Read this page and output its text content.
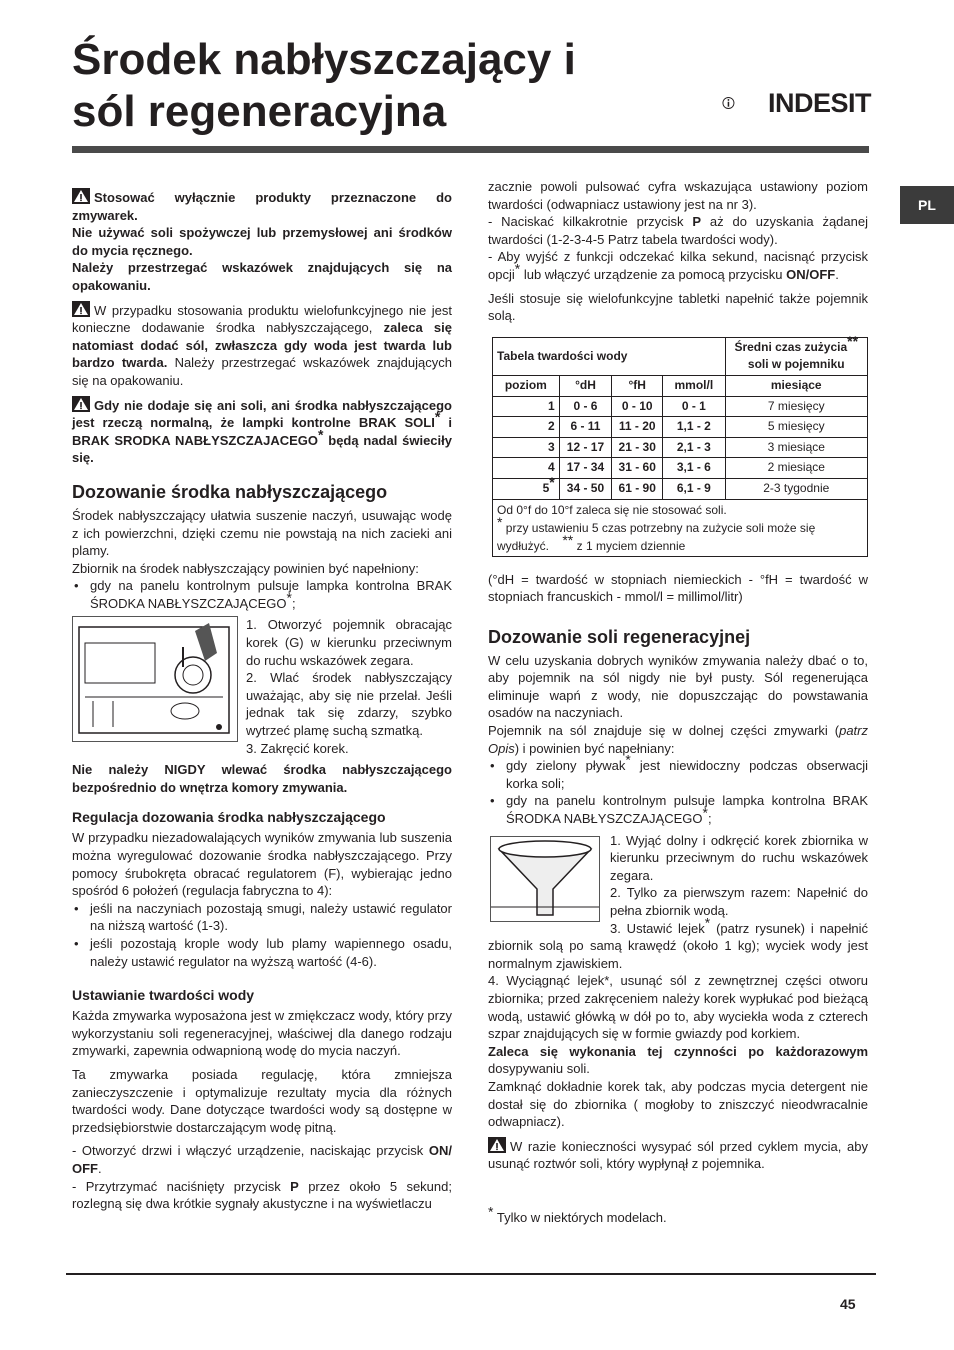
Środek nabłyszczający i
sól regeneracyjna	INDESIT
PL

Stosować wyłącznie produkty przeznaczone do zmywarek.
Nie używać soli spożywczej lub przemysłowej ani środków do mycia ręcznego.
Należy przestrzegać wskazówek znajdujących się na opakowaniu.

W przypadku stosowania produktu wielofunkcyjnego nie jest konieczne dodawanie środka nabłyszczającego, zaleca się natomiast dodać sól, zwłaszcza gdy woda jest twarda lub bardzo twarda. Należy przestrzegać wskazówek znajdujących się na opakowaniu.

Gdy nie dodaje się ani soli, ani środka nabłyszczającego jest rzeczą normalną, że lampki kontrolne BRAK SOLI* i BRAK SRODKA NABŁYSZCZAJACEGO* będą nadal świeciły się.

Dozowanie środka nabłyszczającego

Środek nabłyszczający ułatwia suszenie naczyń, usuwając wodę z ich powierzchni, dzięki czemu nie powstają na nich zacieki ani plamy.

Zbiornik na środek nabłyszczający powinien być napełniony:

• gdy na panelu kontrolnym pulsuje lampka kontrolna BRAK ŚRODKA NABŁYSZCZAJĄCEGO*;

1. Otworzyć pojemnik obracając korek (G) w kierunku przeciwnym do ruchu wskazówek zegara.

2. Wlać środek nabłyszczający uważając, aby się nie przelał. Jeśli jednak tak się zdarzy, szybko wytrzeć plamę suchą szmatką.

3. Zakręcić korek.

Nie należy NIGDY wlewać środka nabłyszczającego bezpośrednio do wnętrza komory zmywania.

Regulacja dozowania środka nabłyszczającego

W przypadku niezadowalających wyników zmywania lub suszenia można wyregulować dozowanie środka nabłyszczającego. Przy pomocy śrubokręta obracać regulatorem (F), wybierając jedno spośród 6 położeń (regulacja fabryczna to 4):

• jeśli na naczyniach pozostają smugi, należy ustawić regulator na niższą wartość (1-3).
• jeśli pozostają krople wody lub plamy wapiennego osadu, należy ustawić regulator na wyższą wartość (4-6).
Ustawianie twardości wody

Każda zmywarka wyposażona jest w zmiękczacz wody, który przy wykorzystaniu soli regeneracyjnej, właściwej dla danego rodzaju zmywarki, zapewnia odwapnioną wodę do mycia naczyń.

Ta zmywarka posiada regulację, która zmniejsza zanieczyszczenie i optymalizuje rezultaty mycia dla różnych twardości wody. Dane dotyczące twardości wody są dostępne w przedsiębiorstwie dostarczającym wodę pitną.

- Otworzyć drzwi i włączyć urządzenie, naciskając przycisk ON/ OFF.

- Przytrzymać naciśnięty przycisk P przez około 5 sekund; rozlegną się dwa krótkie sygnały akustyczne i na wyświetlaczu

zacznie powoli pulsować cyfra wskazująca ustawiony poziom twardości (odwapniacz ustawiony jest na nr 3).

- Naciskać kilkakrotnie przycisk P aż do uzyskania żądanej twardości (1-2-3-4-5 Patrz tabela twardości wody).

- Aby wyjść z funkcji odczekać kilka sekund, nacisnąć przycisk opcji* lub włączyć urządzenie za pomocą przycisku ON/OFF.

Jeśli stosuje się wielofunkcyjne tabletki napełnić także pojemnik solą.

Tabela twardości wody				Średni czas zużycia**
soli w pojemniku
poziom	°dH	°fH	mmol/l	miesiące
1	0 - 6	0 - 10	0 - 1	7 miesięcy
2	6 - 11	11 - 20	1,1 - 2	5 miesięcy
3	12 - 17	21 - 30	2,1 - 3	3 miesiące
4	17 - 34	31 - 60	3,1 - 6	2 miesiące
5*	34 - 50	61 - 90	6,1 - 9	2-3 tygodnie
Od 0°f do 10°f zaleca się nie stosować soli.
* przy ustawieniu 5 czas potrzebny na zużycie soli może się wydłużyć. ** z 1 myciem dziennie				

(°dH = twardość w stopniach niemieckich - °fH = twardość w stopniach francuskich - mmol/l = millimol/litr)

Dozowanie soli regeneracyjnej

W celu uzyskania dobrych wyników zmywania należy dbać o to, aby pojemnik na sól nigdy nie był pusty. Sól regenerująca eliminuje wapń z wody, nie dopuszczając do powstawania osadów na naczyniach.

Pojemnik na sól znajduje się w dolnej części zmywarki (patrz Opis) i powinien być napełniany:

• gdy zielony pływak* jest niewidoczny podczas obserwacji korka soli;
• gdy na panelu kontrolnym pulsuje lampka kontrolna BRAK ŚRODKA NABŁYSZCZAJĄCEGO*;

1. Wyjąć dolny i odkręcić korek zbiornika w kierunku przeciwnym do ruchu wskazówek zegara.

2. Tylko za pierwszym razem: Napełnić do pełna zbiornik wodą.

3. Ustawić lejek* (patrz rysunek) i napełnić zbiornik solą po samą krawędź (około 1 kg); wyciek wody jest normalnym zjawiskiem.

4. Wyciągnąć lejek*, usunąć sól z zewnętrznej części otworu zbiornika; przed zakręceniem należy korek wypłukać pod bieżącą wodą, ustawić główką w dół po to, aby wyciekła woda z czterech szpar znajdujących się w formie gwiazdy pod korkiem.

Zaleca się wykonania tej czynności po każdorazowym dosypywaniu soli.

Zamknąć dokładnie korek tak, aby podczas mycia detergent nie dostał się do zbiornika ( mogłoby to zniszczyć nieodwracalnie odwapniacz).

W razie konieczności wysypać sól przed cyklem mycia, aby usunąć roztwór soli, który wypłynął z pojemnika.

* Tylko w niektórych modelach.

45
